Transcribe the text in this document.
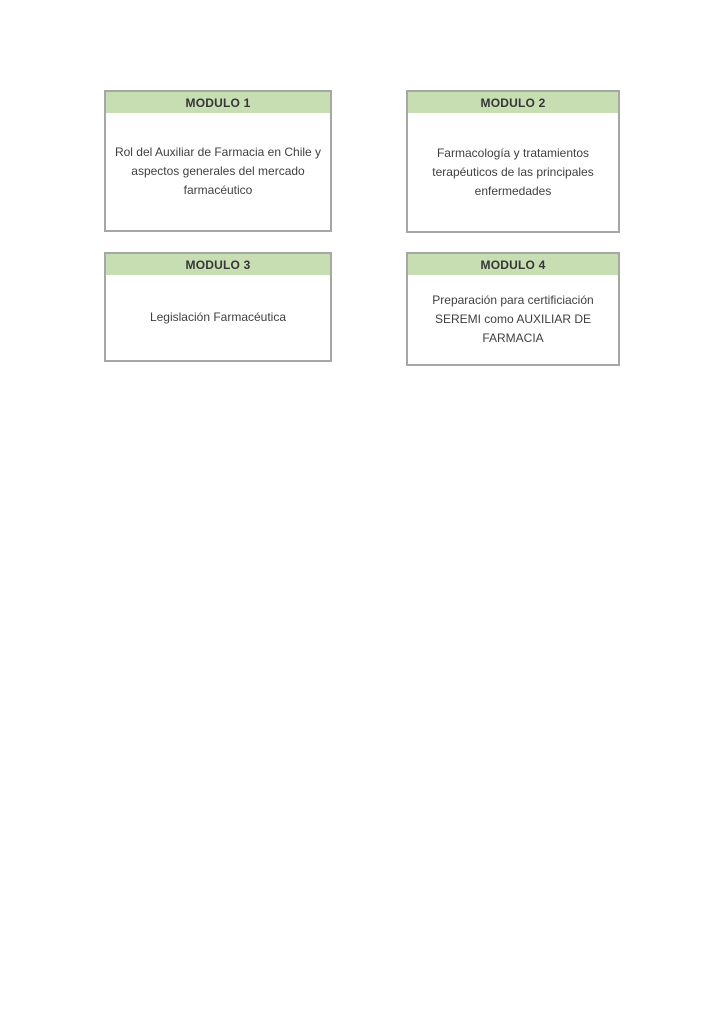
MODULO 1
Rol del Auxiliar de Farmacia en Chile y aspectos generales del mercado farmacéutico
MODULO 2
Farmacología y tratamientos terapéuticos de las principales enfermedades
MODULO 3
Legislación Farmacéutica
MODULO 4
Preparación para certificiación SEREMI como AUXILIAR DE FARMACIA
